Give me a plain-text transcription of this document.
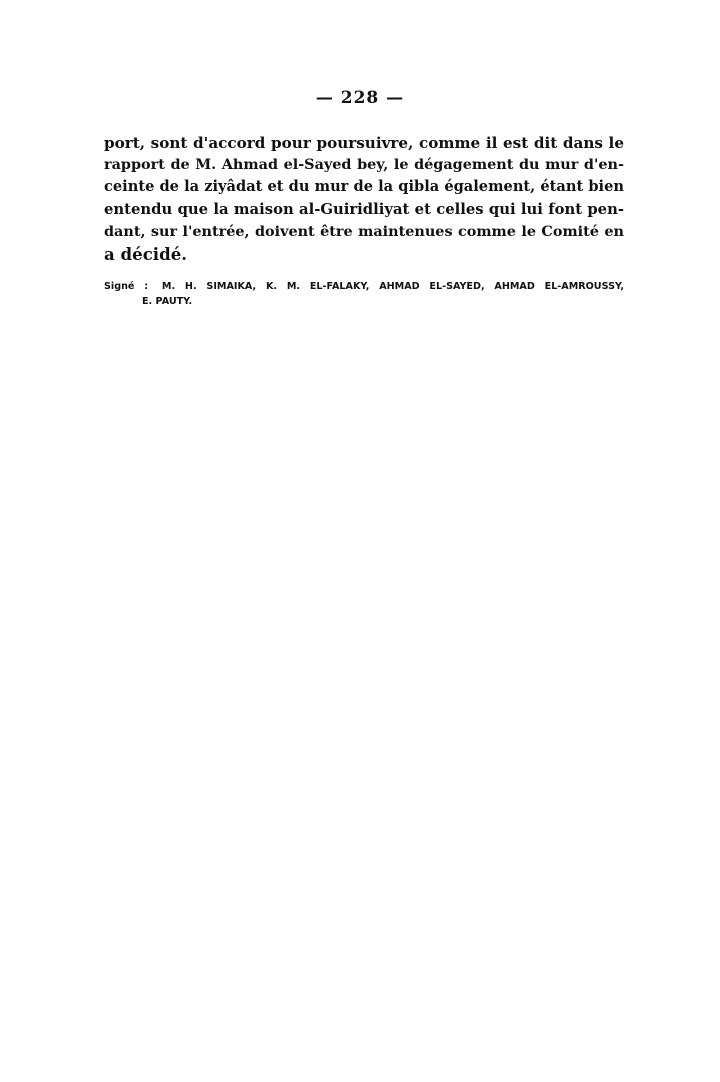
— 228 —
port, sont d'accord pour poursuivre, comme il est dit dans le
rapport de M. Ahmad el-Sayed bey, le dégagement du mur d'en-
ceinte de la ziyâdat et du mur de la qibla également, étant bien
entendu que la maison al-Guiridliyat et celles qui lui font pen-
dant, sur l'entrée, doivent être maintenues comme le Comité en
a décidé.
Signé : M. H. SIMAIKA, K. M. EL-FALAKY, AHMAD EL-SAYED, AHMAD EL-AMROUSSY,
E. PAUTY.
